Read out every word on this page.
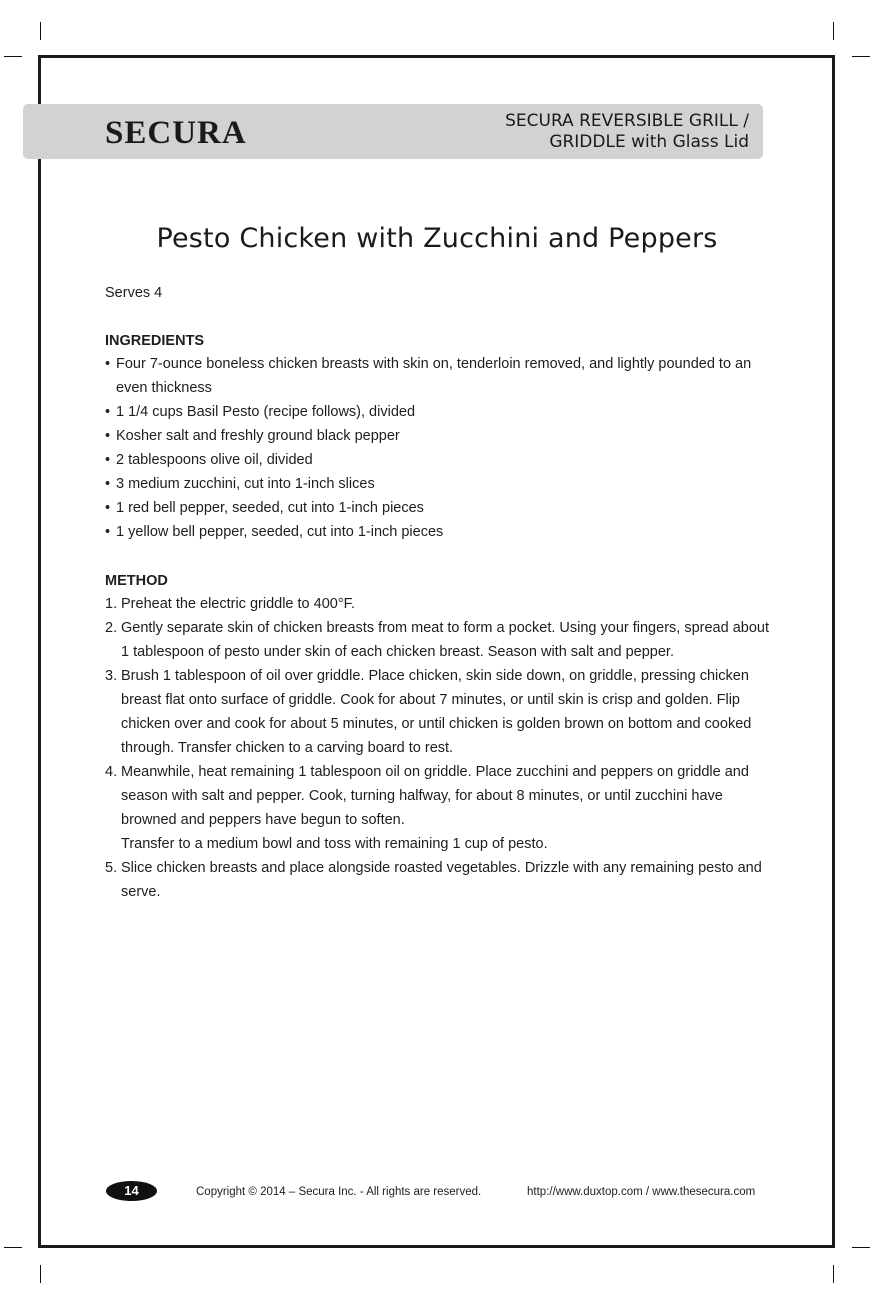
SECURA	SECURA REVERSIBLE GRILL /
GRIDDLE with Glass Lid
Pesto Chicken with Zucchini and Peppers
Serves 4
INGREDIENTS
• Four 7-ounce boneless chicken breasts with skin on, tenderloin removed, and lightly pounded to an even thickness
• 1 1/4 cups Basil Pesto (recipe follows), divided
• Kosher salt and freshly ground black pepper
• 2 tablespoons olive oil, divided
• 3 medium zucchini, cut into 1-inch slices
• 1 red bell pepper, seeded, cut into 1-inch pieces
• 1 yellow bell pepper, seeded, cut into 1-inch pieces
METHOD
1. Preheat the electric griddle to 400°F.
2. Gently separate skin of chicken breasts from meat to form a pocket. Using your fingers, spread about 1 tablespoon of pesto under skin of each chicken breast. Season with salt and pepper.
3. Brush 1 tablespoon of oil over griddle. Place chicken, skin side down, on griddle, pressing chicken breast flat onto surface of griddle. Cook for about 7 minutes, or until skin is crisp and golden. Flip chicken over and cook for about 5 minutes, or until chicken is golden brown on bottom and cooked through. Transfer chicken to a carving board to rest.
4. Meanwhile, heat remaining 1 tablespoon oil on griddle. Place zucchini and peppers on griddle and season with salt and pepper. Cook, turning halfway, for about 8 minutes, or until zucchini have browned and peppers have begun to soften.
Transfer to a medium bowl and toss with remaining 1 cup of pesto.
5. Slice chicken breasts and place alongside roasted vegetables. Drizzle with any remaining pesto and serve.
14	Copyright © 2014 – Secura Inc. - All rights are reserved.	http://www.duxtop.com / www.thesecura.com
